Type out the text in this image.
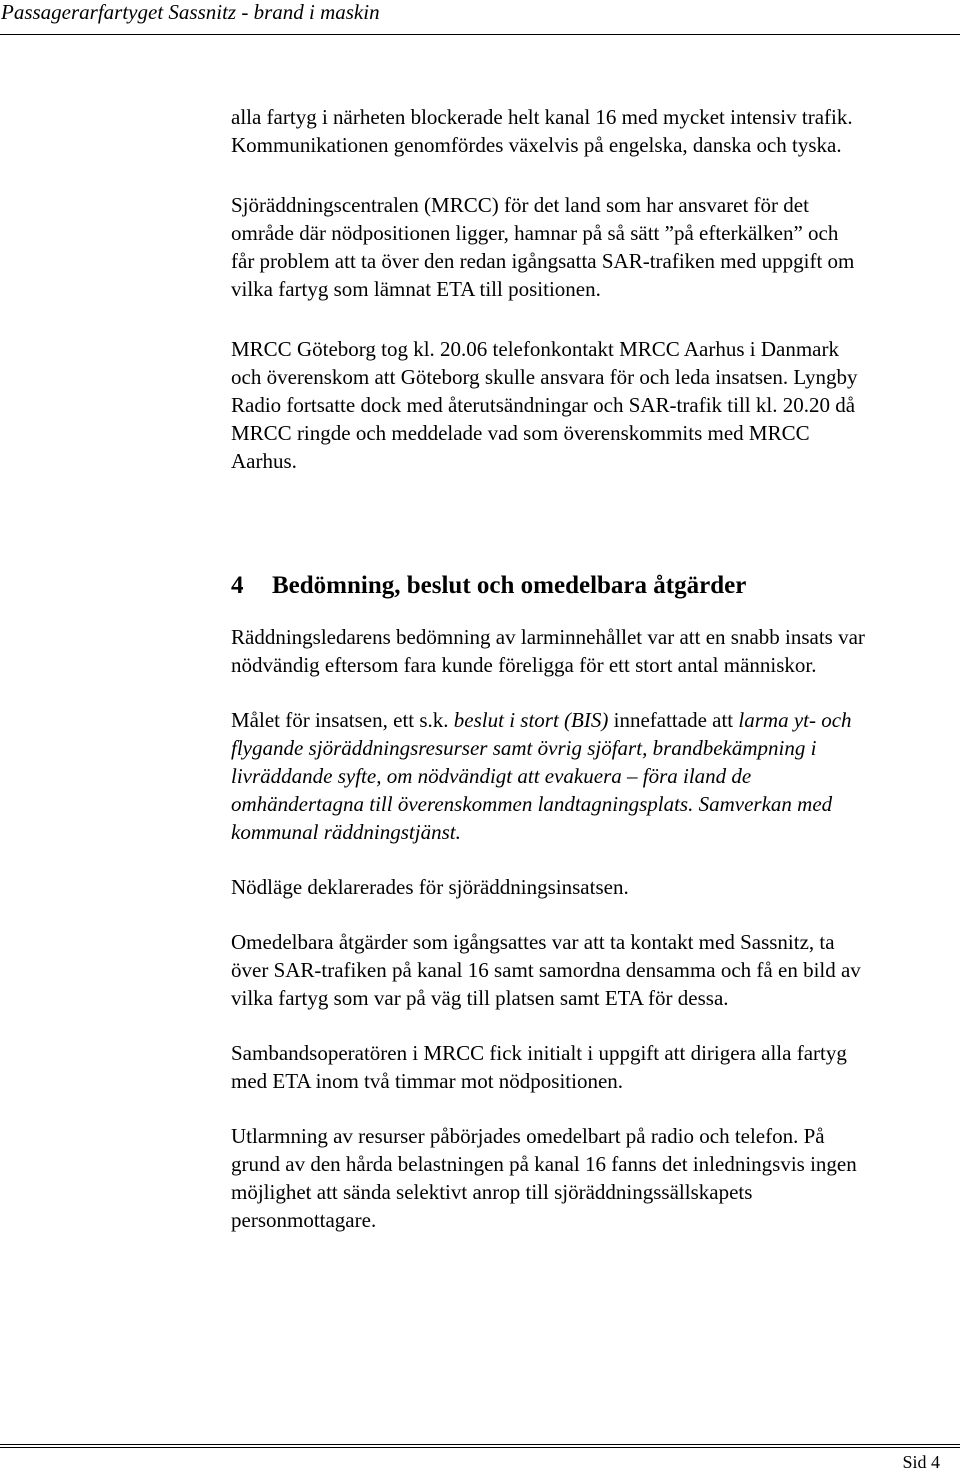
Passagerarfartyget Sassnitz - brand i maskin

alla fartyg i närheten blockerade helt kanal 16 med mycket intensiv trafik.
Kommunikationen genomfördes växelvis på engelska, danska och tyska.

Sjöräddningscentralen (MRCC) för det land som har ansvaret för det
område där nödpositionen ligger, hamnar på så sätt ”på efterkälken” och
får problem att ta över den redan igångsatta SAR-trafiken med uppgift om
vilka fartyg som lämnat ETA till positionen.

MRCC Göteborg tog kl. 20.06 telefonkontakt MRCC Aarhus i Danmark
och överenskom att Göteborg skulle ansvara för och leda insatsen. Lyngby
Radio fortsatte dock med återutsändningar och SAR-trafik till kl. 20.20 då
MRCC ringde och meddelade vad som överenskommits med MRCC
Aarhus.

4	Bedömning, beslut och omedelbara åtgärder

Räddningsledarens bedömning av larminnehållet var att en snabb insats var
nödvändig eftersom fara kunde föreligga för ett stort antal människor.

Målet för insatsen, ett s.k. beslut i stort (BIS) innefattade att larma yt- och
flygande sjöräddningsresurser samt övrig sjöfart, brandbekämpning i
livräddande syfte, om nödvändigt att evakuera – föra iland de
omhändertagna till överenskommen landtagningsplats. Samverkan med
kommunal räddningstjänst.

Nödläge deklarerades för sjöräddningsinsatsen.

Omedelbara åtgärder som igångsattes var att ta kontakt med Sassnitz, ta
över SAR-trafiken på kanal 16 samt samordna densamma och få en bild av
vilka fartyg som var på väg till platsen samt ETA för dessa.

Sambandsoperatören i MRCC fick initialt i uppgift att dirigera alla fartyg
med ETA inom två timmar mot nödpositionen.

Utlarmning av resurser påbörjades omedelbart på radio och telefon. På
grund av den hårda belastningen på kanal 16 fanns det inledningsvis ingen
möjlighet att sända selektivt anrop till sjöräddningssällskapets
personmottagare.

Sid 4
